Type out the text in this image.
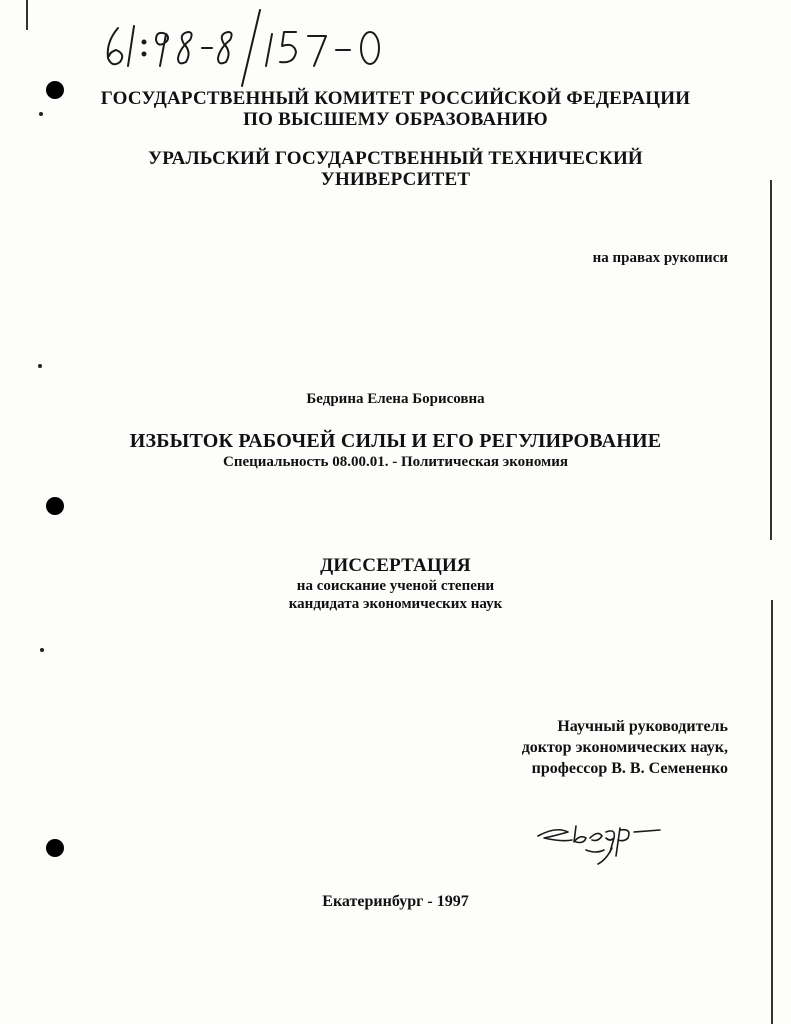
ГОСУДАРСТВЕННЫЙ КОМИТЕТ РОССИЙСКОЙ ФЕДЕРАЦИИ
ПО ВЫСШЕМУ ОБРАЗОВАНИЮ
УРАЛЬСКИЙ ГОСУДАРСТВЕННЫЙ ТЕХНИЧЕСКИЙ
УНИВЕРСИТЕТ
на правах рукописи
Бедрина Елена Борисовна
ИЗБЫТОК РАБОЧЕЙ СИЛЫ И ЕГО РЕГУЛИРОВАНИЕ
Специальность 08.00.01. - Политическая экономия
ДИССЕРТАЦИЯ
на соискание ученой степени
кандидата экономических наук
Научный руководитель
доктор экономических наук,
профессор В. В. Семененко
Екатеринбург - 1997
